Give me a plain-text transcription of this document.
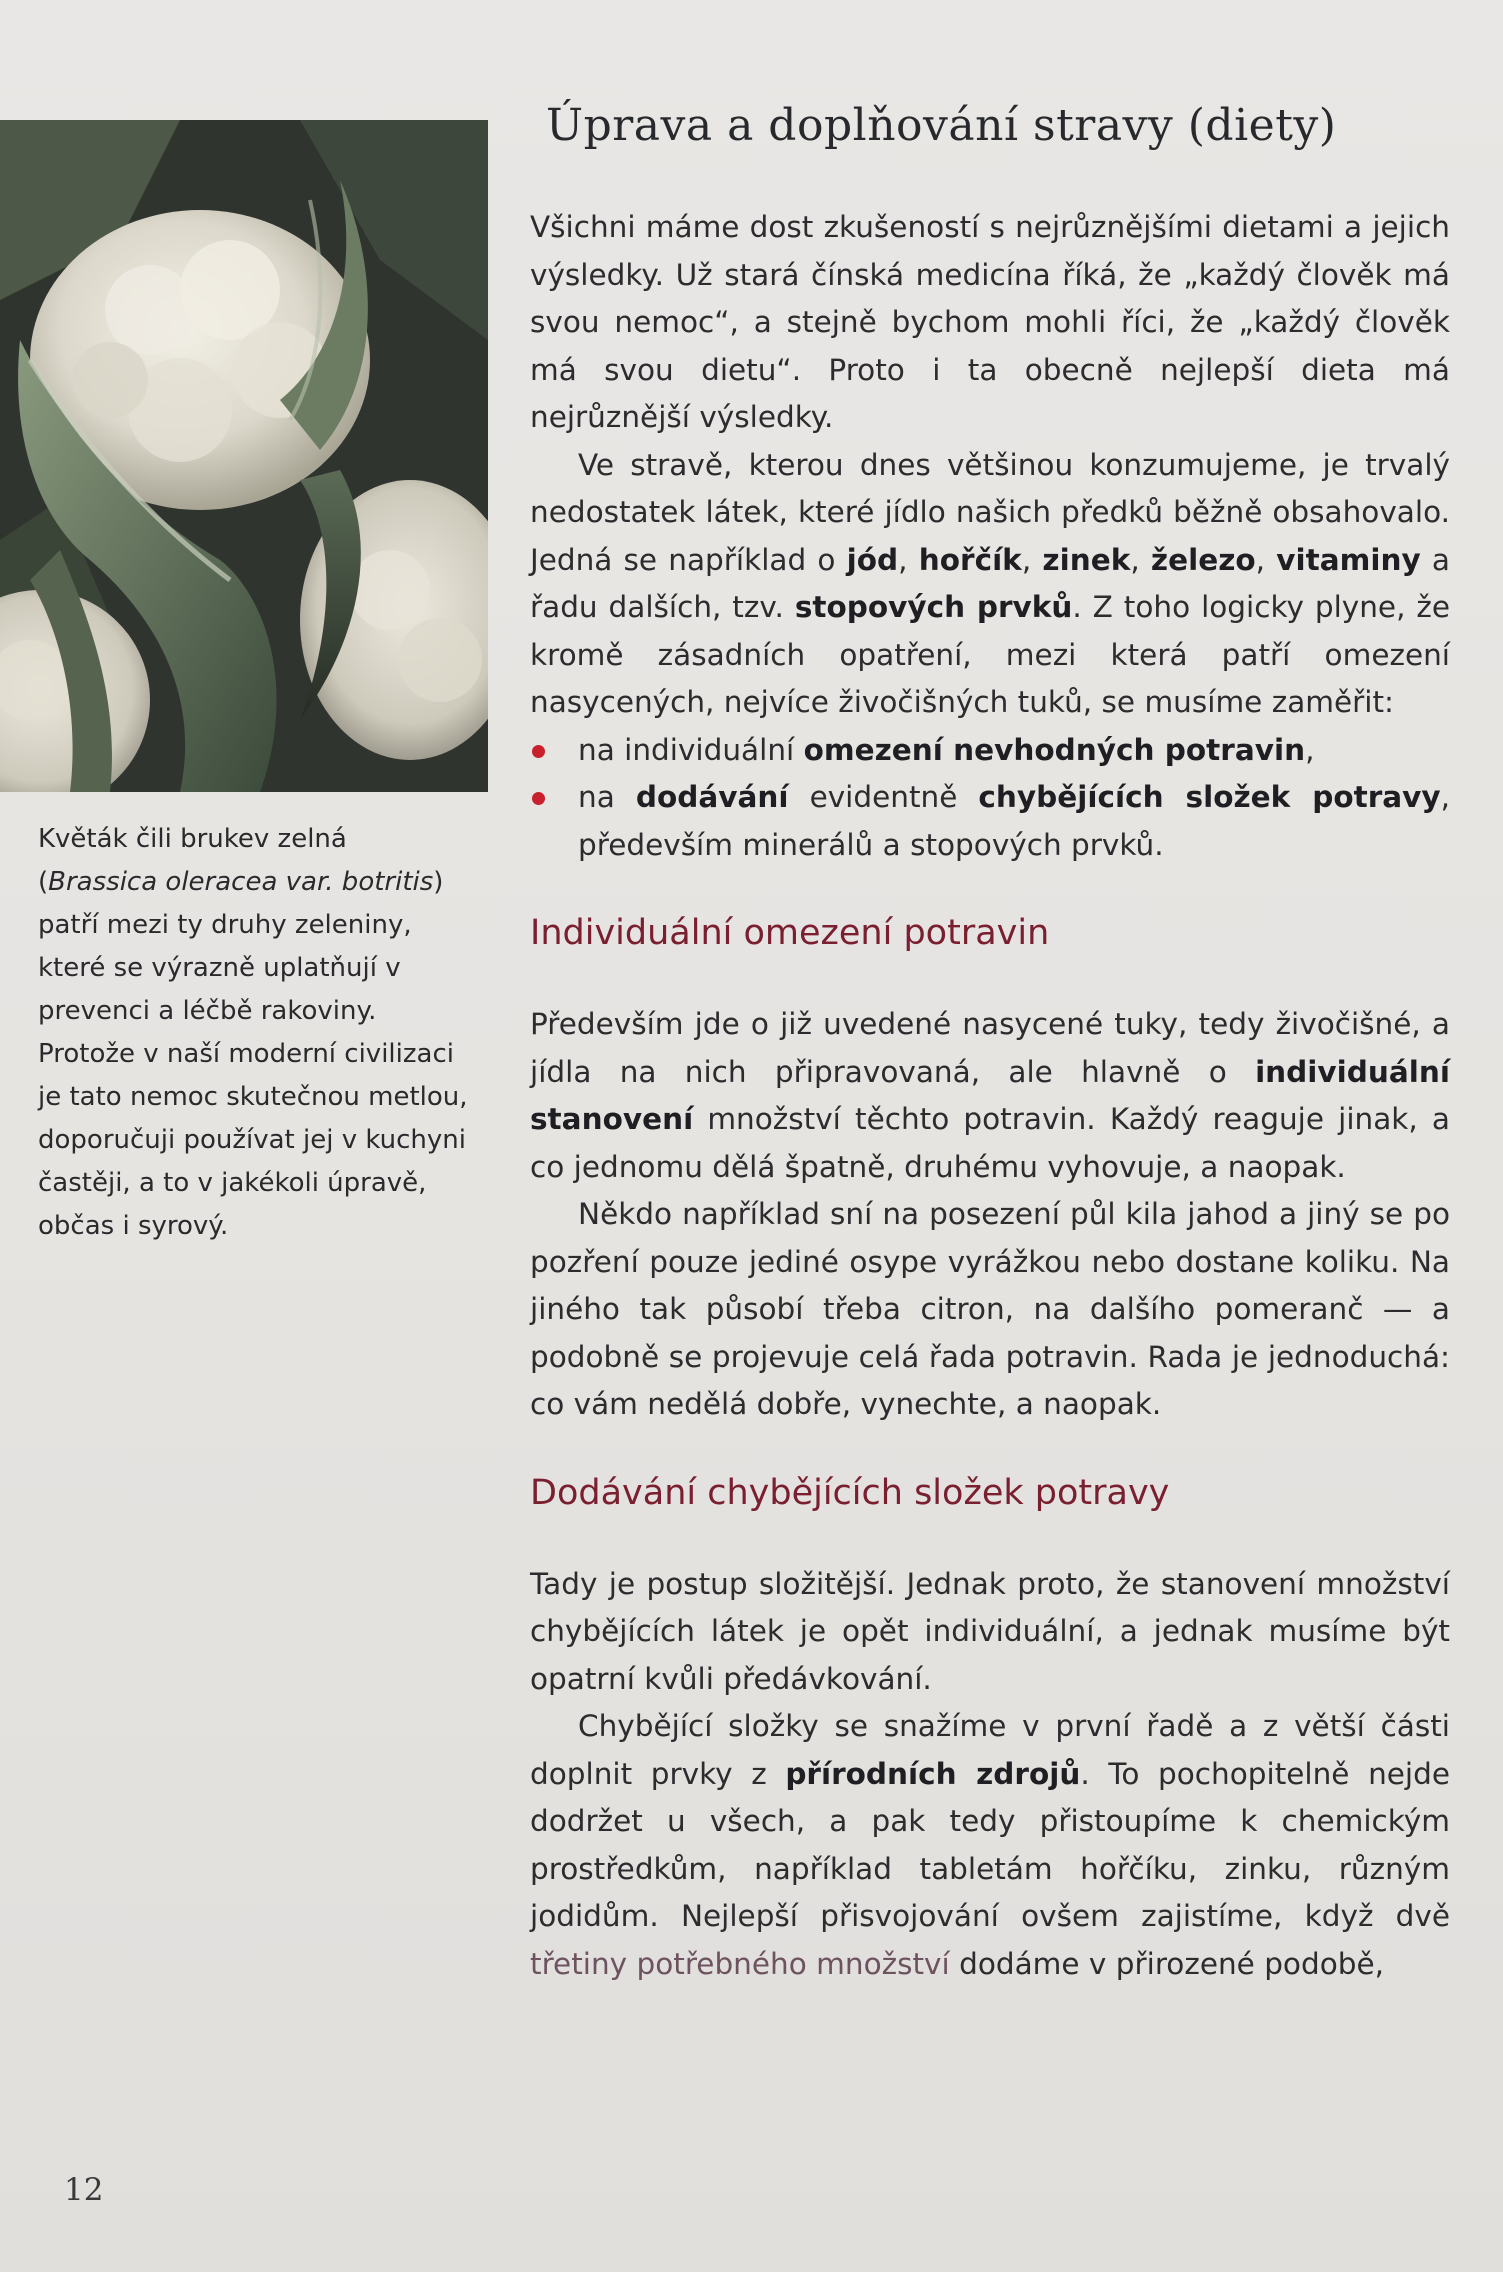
Květák čili brukev zelná (Brassica oleracea var. botritis) patří mezi ty druhy zeleniny, které se výrazně uplatňují v prevenci a léčbě rakoviny. Protože v naší moderní civilizaci je tato nemoc skutečnou metlou, doporučuji používat jej v kuchyni častěji, a to v jakékoli úpravě, občas i syrový.

Úprava a doplňování stravy (diety)

Všichni máme dost zkušeností s nejrůznějšími dietami a jejich výsledky. Už stará čínská medicína říká, že „každý člověk má svou nemoc“, a stejně bychom mohli říci, že „každý člověk má svou dietu“. Proto i ta obecně nejlepší dieta má nejrůznější výsledky.

Ve stravě, kterou dnes většinou konzumujeme, je trvalý nedostatek látek, které jídlo našich předků běžně obsahovalo. Jedná se například o jód, hořčík, zinek, železo, vitaminy a řadu dalších, tzv. stopových prvků. Z toho logicky plyne, že kromě zásadních opatření, mezi která patří omezení nasycených, nejvíce živočišných tuků, se musíme zaměřit:

na individuální omezení nevhodných potravin,
na dodávání evidentně chybějících složek potravy, především minerálů a stopových prvků.
Individuální omezení potravin

Především jde o již uvedené nasycené tuky, tedy živočišné, a jídla na nich připravovaná, ale hlavně o individuální stanovení množství těchto potravin. Každý reaguje jinak, a co jednomu dělá špatně, druhému vyhovuje, a naopak.

Někdo například sní na posezení půl kila jahod a jiný se po pozření pouze jediné osype vyrážkou nebo dostane koliku. Na jiného tak působí třeba citron, na dalšího pomeranč — a podobně se projevuje celá řada potravin. Rada je jednoduchá: co vám nedělá dobře, vynechte, a naopak.

Dodávání chybějících složek potravy

Tady je postup složitější. Jednak proto, že stanovení množství chybějících látek je opět individuální, a jednak musíme být opatrní kvůli předávkování.

Chybějící složky se snažíme v první řadě a z větší části doplnit prvky z přírodních zdrojů. To pochopitelně nejde dodržet u všech, a pak tedy přistoupíme k chemickým prostředkům, například tabletám hořčíku, zinku, různým jodidům. Nejlepší přisvojování ovšem zajistíme, když dvě třetiny potřebného množství dodáme v přirozené podobě,

12
